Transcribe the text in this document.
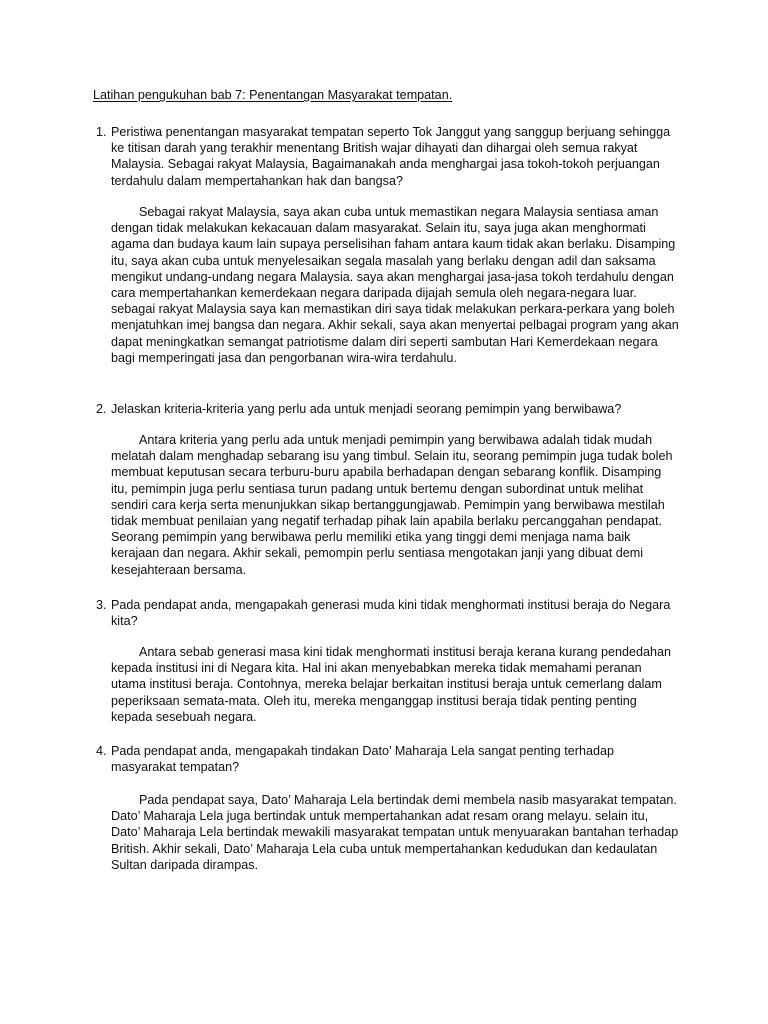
Latihan pengukuhan bab 7: Penentangan Masyarakat tempatan.
1. Peristiwa penentangan masyarakat tempatan seperto Tok Janggut yang sanggup berjuang sehingga ke titisan darah yang terakhir menentang British wajar dihayati dan dihargai oleh semua rakyat Malaysia. Sebagai rakyat Malaysia, Bagaimanakah anda menghargai jasa tokoh-tokoh perjuangan terdahulu dalam mempertahankan hak dan bangsa?
Sebagai rakyat Malaysia, saya akan cuba untuk memastikan negara Malaysia sentiasa aman dengan tidak melakukan kekacauan dalam masyarakat. Selain itu, saya juga akan menghormati agama dan budaya kaum lain supaya perselisihan faham antara kaum tidak akan berlaku. Disamping itu, saya akan cuba untuk menyelesaikan segala masalah yang berlaku dengan adil dan saksama mengikut undang-undang negara Malaysia. saya akan menghargai jasa-jasa tokoh terdahulu dengan cara mempertahankan kemerdekaan negara daripada dijajah semula oleh negara-negara luar. sebagai rakyat Malaysia saya kan memastikan diri saya tidak melakukan perkara-perkara yang boleh menjatuhkan imej bangsa dan negara. Akhir sekali, saya akan menyertai pelbagai program yang akan dapat meningkatkan semangat patriotisme dalam diri seperti sambutan Hari Kemerdekaan negara bagi memperingati jasa dan pengorbanan wira-wira terdahulu.
2. Jelaskan kriteria-kriteria yang perlu ada untuk menjadi seorang pemimpin yang berwibawa?
Antara kriteria yang perlu ada untuk menjadi pemimpin yang berwibawa adalah tidak mudah melatah dalam menghadap sebarang isu yang timbul. Selain itu, seorang pemimpin juga tudak boleh membuat keputusan secara terburu-buru apabila berhadapan dengan sebarang konflik. Disamping itu, pemimpin juga perlu sentiasa turun padang untuk bertemu dengan subordinat untuk melihat sendiri cara kerja serta menunjukkan sikap bertanggungjawab. Pemimpin yang berwibawa mestilah tidak membuat penilaian yang negatif terhadap pihak lain apabila berlaku percanggahan pendapat. Seorang pemimpin yang berwibawa perlu memiliki etika yang tinggi demi menjaga nama baik kerajaan dan negara. Akhir sekali, pemompin perlu sentiasa mengotakan janji yang dibuat demi kesejahteraan bersama.
3. Pada pendapat anda, mengapakah generasi muda kini tidak menghormati institusi beraja do Negara kita?
Antara sebab generasi masa kini tidak menghormati institusi beraja kerana kurang pendedahan kepada institusi ini di Negara kita. Hal ini akan menyebabkan mereka tidak memahami peranan utama institusi beraja. Contohnya, mereka belajar berkaitan institusi beraja untuk cemerlang dalam peperiksaan semata-mata. Oleh itu, mereka menganggap institusi beraja tidak penting penting kepada sesebuah negara.
4. Pada pendapat anda, mengapakah tindakan Dato’ Maharaja Lela sangat penting terhadap masyarakat tempatan?
Pada pendapat saya, Dato’ Maharaja Lela bertindak demi membela nasib masyarakat tempatan. Dato’ Maharaja Lela juga bertindak untuk mempertahankan adat resam orang melayu. selain itu, Dato’ Maharaja Lela bertindak mewakili masyarakat tempatan untuk menyuarakan bantahan terhadap British. Akhir sekali, Dato’ Maharaja Lela cuba untuk mempertahankan kedudukan dan kedaulatan Sultan daripada dirampas.
